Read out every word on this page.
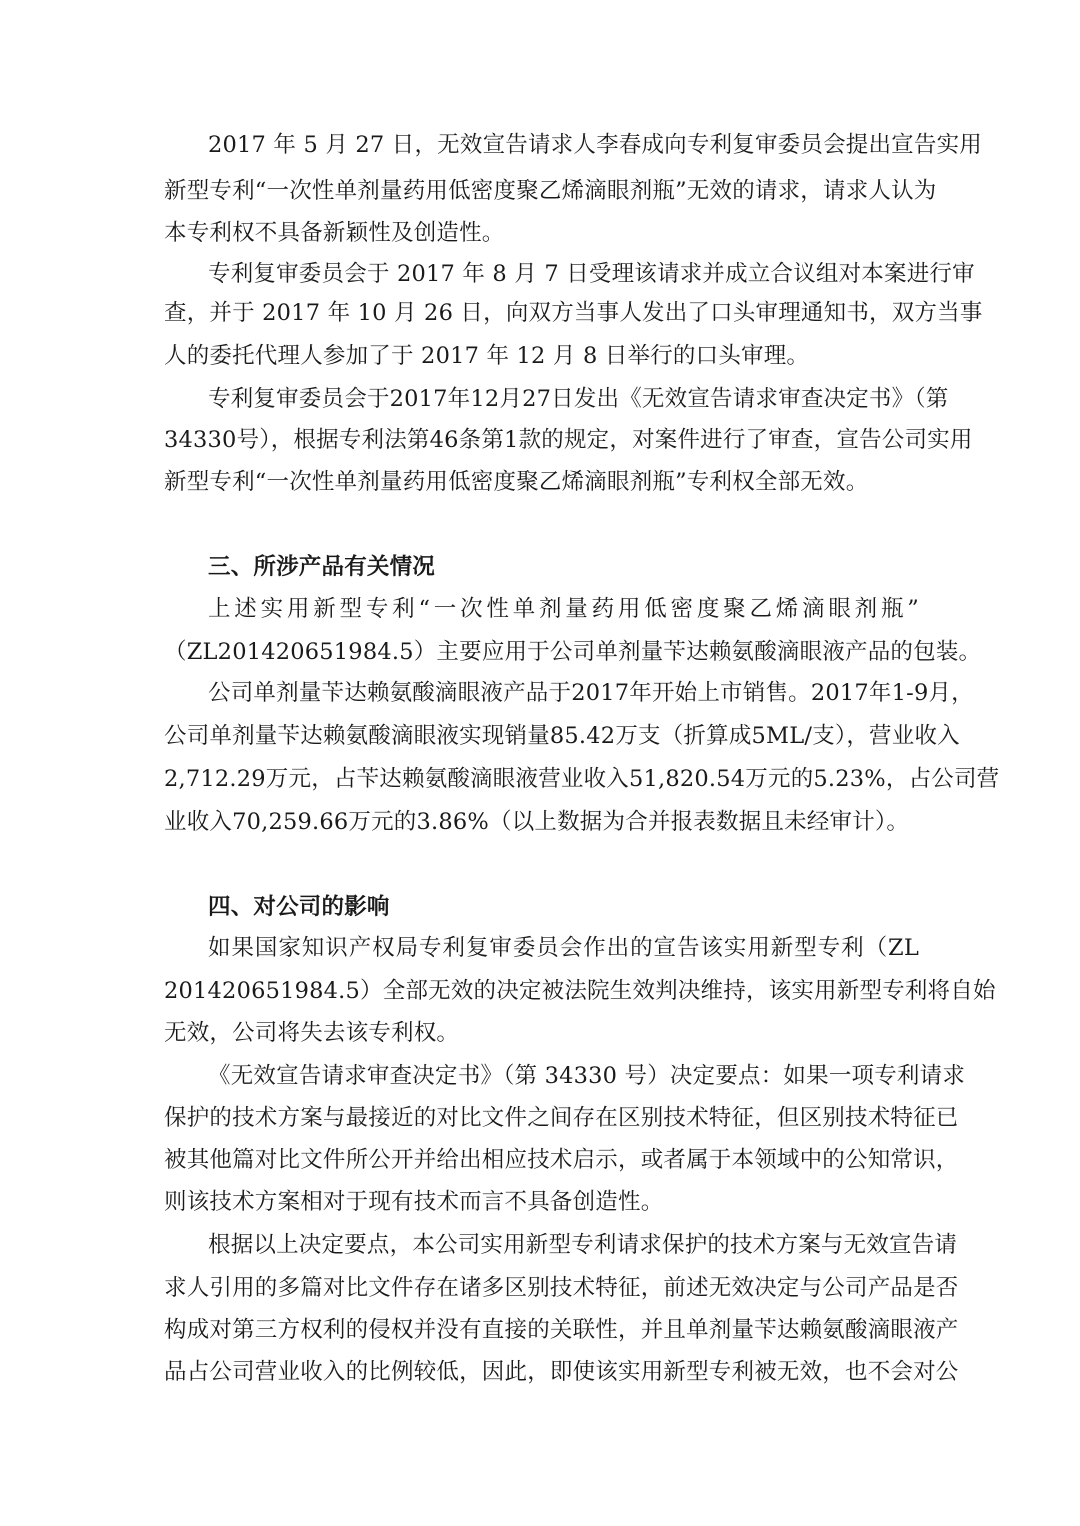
2017 年 5 月 27 日，无效宣告请求人李春成向专利复审委员会提出宣告实用
新型专利“一次性单剂量药用低密度聚乙烯滴眼剂瓶”无效的请求，请求人认为
本专利权不具备新颖性及创造性。
专利复审委员会于 2017 年 8 月 7 日受理该请求并成立合议组对本案进行审
查，并于 2017 年 10 月 26 日，向双方当事人发出了口头审理通知书，双方当事
人的委托代理人参加了于 2017 年 12 月 8 日举行的口头审理。
专利复审委员会于2017年12月27日发出《无效宣告请求审查决定书》（第
34330号），根据专利法第46条第1款的规定，对案件进行了审查，宣告公司实用
新型专利“一次性单剂量药用低密度聚乙烯滴眼剂瓶”专利权全部无效。
三、所涉产品有关情况
上述实用新型专利“一次性单剂量药用低密度聚乙烯滴眼剂瓶”
（ZL201420651984.5）主要应用于公司单剂量苄达赖氨酸滴眼液产品的包装。
公司单剂量苄达赖氨酸滴眼液产品于2017年开始上市销售。2017年1-9月，
公司单剂量苄达赖氨酸滴眼液实现销量85.42万支（折算成5ML/支），营业收入
2,712.29万元，占苄达赖氨酸滴眼液营业收入51,820.54万元的5.23%，占公司营
业收入70,259.66万元的3.86%（以上数据为合并报表数据且未经审计）。
四、对公司的影响
如果国家知识产权局专利复审委员会作出的宣告该实用新型专利（ZL
201420651984.5）全部无效的决定被法院生效判决维持，该实用新型专利将自始
无效，公司将失去该专利权。
《无效宣告请求审查决定书》（第 34330 号）决定要点：如果一项专利请求
保护的技术方案与最接近的对比文件之间存在区别技术特征，但区别技术特征已
被其他篇对比文件所公开并给出相应技术启示，或者属于本领域中的公知常识，
则该技术方案相对于现有技术而言不具备创造性。
根据以上决定要点，本公司实用新型专利请求保护的技术方案与无效宣告请
求人引用的多篇对比文件存在诸多区别技术特征，前述无效决定与公司产品是否
构成对第三方权利的侵权并没有直接的关联性，并且单剂量苄达赖氨酸滴眼液产
品占公司营业收入的比例较低，因此，即使该实用新型专利被无效，也不会对公
